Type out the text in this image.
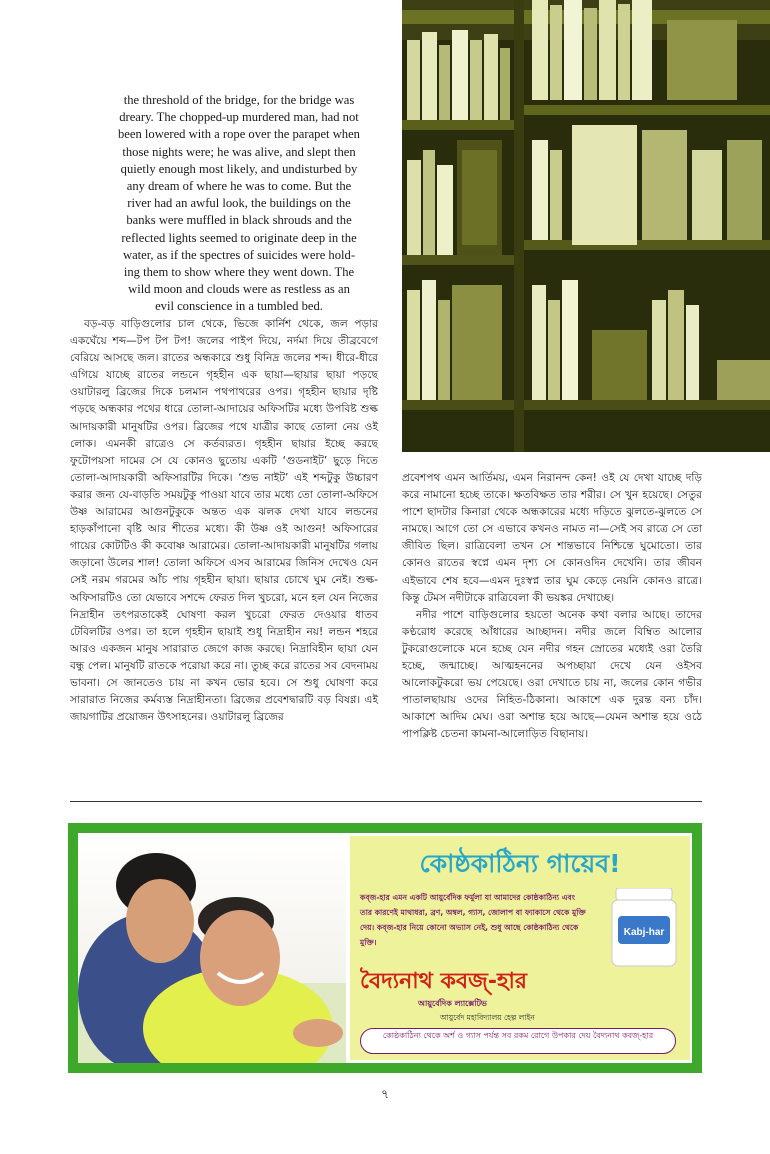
the threshold of the bridge, for the bridge was
dreary. The chopped-up murdered man, had not
been lowered with a rope over the parapet when
those nights were; he was alive, and slept then
quietly enough most likely, and undisturbed by
any dream of where he was to come. But the
river had an awful look, the buildings on the
banks were muffled in black shrouds and the
reflected lights seemed to originate deep in the
water, as if the spectres of suicides were hold-
ing them to show where they went down. The
wild moon and clouds were as restless as an
evil conscience in a tumbled bed.

বড়-বড় বাড়িগুলোর চাল থেকে, ভিজে কার্নিশ থেকে, জল পড়ার একঘেঁয়ে শব্দ—টপ টপ টপ! জলের পাইপ দিয়ে, নর্দমা দিয়ে তীব্রবেগে বেরিয়ে আসছে জল। রাতের অন্ধকারে শুধু বিনিদ্র জলের শব্দ। ধীরে-ধীরে এগিয়ে যাচ্ছে রাতের লন্ডনে গৃহহীন এক ছায়া—ছায়ার ছায়া পড়ছে ওয়াটারলু ব্রিজের দিকে চলমান পথপাথরের ওপর। গৃহহীন ছায়ার দৃষ্টি পড়ছে অন্ধকার পথের ধারে তোলা-আদায়ের অফিসটির মধ্যে উপবিষ্ট শুল্ক আদায়কারী মানুষটির ওপর। ব্রিজের পথে যাত্রীর কাছে তোলা নেয় ওই লোক। এমনকী রাত্রেও সে কর্তব্যরত। গৃহহীন ছায়ার ইচ্ছে করছে ফুটোপয়সা দামের সে যে কোনও ছুতোয় একটি ‘গুডনাইট’ ছুড়ে দিতে তোলা-আদায়কারী অফিসারটির দিকে। ‘শুভ নাইট’ এই শব্দটুকু উচ্চারণ করার জন্য যে-বাড়তি সময়টুকু পাওয়া যাবে তার মধ্যে তো তোলা-অফিসে উষ্ণ আরামের আগুনটুকুকে অন্তত এক ঝলক দেখা যাবে লন্ডনের হাড়কাঁপানো বৃষ্টি আর শীতের মধ্যে। কী উষ্ণ ওই আগুন! অফিসারের গায়ের কোটটিও কী কবোষ্ণ আরামের। তোলা-আদায়কারী মানুষটির গলায় জড়ানো উলের শাল! তোলা অফিসে এসব আরামের জিনিস দেখেও যেন সেই নরম গরমের আঁচ পায় গৃহহীন ছায়া। ছায়ার চোখে ঘুম নেই। শুল্ক-অফিসারটিও তো যেভাবে সশব্দে ফেরত দিল খুচরো, মনে হল যেন নিজের নিদ্রাহীন তৎপরতাকেই ঘোষণা করল খুচরো ফেরত দেওয়ার ধাতব টেবিলটির ওপর। তা হলে গৃহহীন ছায়াই শুধু নিদ্রাহীন নয়! লন্ডন শহরে আরও একজন মানুষ সারারাত জেগে কাজ করছে। নিদ্রাবিহীন ছায়া যেন বন্ধু পেল। মানুষটি রাতকে পরোয়া করে না। তুচ্ছ করে রাতের সব বেদনাময় ভাবনা। সে জানতেও চায় না কখন ভোর হবে। সে শুধু ঘোষণা করে সারারাত নিজের কর্মব্যস্ত নিদ্রাহীনতা। ব্রিজের প্রবেশদ্বারটি বড় বিষণ্ণ। এই জায়গাটির প্রয়োজন উৎসাহনের। ওয়াটারলু ব্রিজের

প্রবেশপথ এমন আর্তিময়, এমন নিরানন্দ কেন! ওই যে দেখা যাচ্ছে দড়ি করে নামানো হচ্ছে তাকে। ক্ষতবিক্ষত তার শরীর। সে খুন হয়েছে। সেতুর পাশে ছাদটার কিনারা থেকে অন্ধকারের মধ্যে দড়িতে ঝুলতে-ঝুলতে সে নামছে। আগে তো সে এভাবে কখনও নামত না—সেই সব রাত্রে সে তো জীবিত ছিল। রাত্রিবেলা তখন সে শান্তভাবে নিশ্চিন্তে ঘুমোতো। তার কোনও রাতের স্বপ্নে এমন দৃশ্য সে কোনওদিন দেখেনি। তার জীবন এইভাবে শেষ হবে—এমন দুঃস্বপ্ন তার ঘুম কেড়ে নেয়নি কোনও রাত্রে। কিন্তু টেমস নদীটাকে রাত্রিবেলা কী ভয়ঙ্কর দেখাচ্ছে।

নদীর পাশে বাড়িগুলোর হয়তো অনেক কথা বলার আছে। তাদের কণ্ঠরোধ করেছে আঁধারের আচ্ছাদন। নদীর জলে বিম্বিত আলোর টুকরোগুলোকে মনে হচ্ছে যেন নদীর গহন স্রোতের মধ্যেই ওরা তৈরি হচ্ছে, জন্মাচ্ছে। আত্মহননের অপচ্ছায়া দেখে যেন ওইসব আলোকটুকরো ভয় পেয়েছে। ওরা দেখাতে চায় না, জলের কোন গভীর পাতালছায়ায় ওদের নিহিত-ঠিকানা। আকাশে এক দুরন্ত বন্য চাঁদ। আকাশে আদিম মেঘ। ওরা অশান্ত হয়ে আছে—যেমন অশান্ত হয়ে ওঠে পাপক্লিষ্ট চেতনা কামনা-আলোড়িত বিছানায়।

কোষ্ঠকাঠিন্য গায়েব!
কব্‌জ-হার এমন একটি আয়ুর্বেদিক ফর্মুলা যা আমাদের কোষ্ঠকাঠিন্য এবং তার কারণেই মাথাধরা, ব্রণ, অম্বল, গ্যাস, জোলাপ বা ফ্যাকাসে থেকে মুক্তি দেয়। কব্‌জ-হার নিয়ে কোনো অভ্যাস নেই, শুধু আছে কোষ্ঠকাঠিন্য থেকে মুক্তি।
Kabj-har
বৈদ্যনাথ কবজ্‌-হার
আয়ুর্বেদিক ল্যাক্সেটিভ
আয়ুর্বেদ মহাবিদ্যালয় হেল্প লাইন
কোষ্ঠকাঠিন্য থেকে অর্শ ও গ্যাস পর্যন্ত সব রকম রোগে উপকার দেয় বৈদ্যনাথ কবজ্‌-হার
৭
